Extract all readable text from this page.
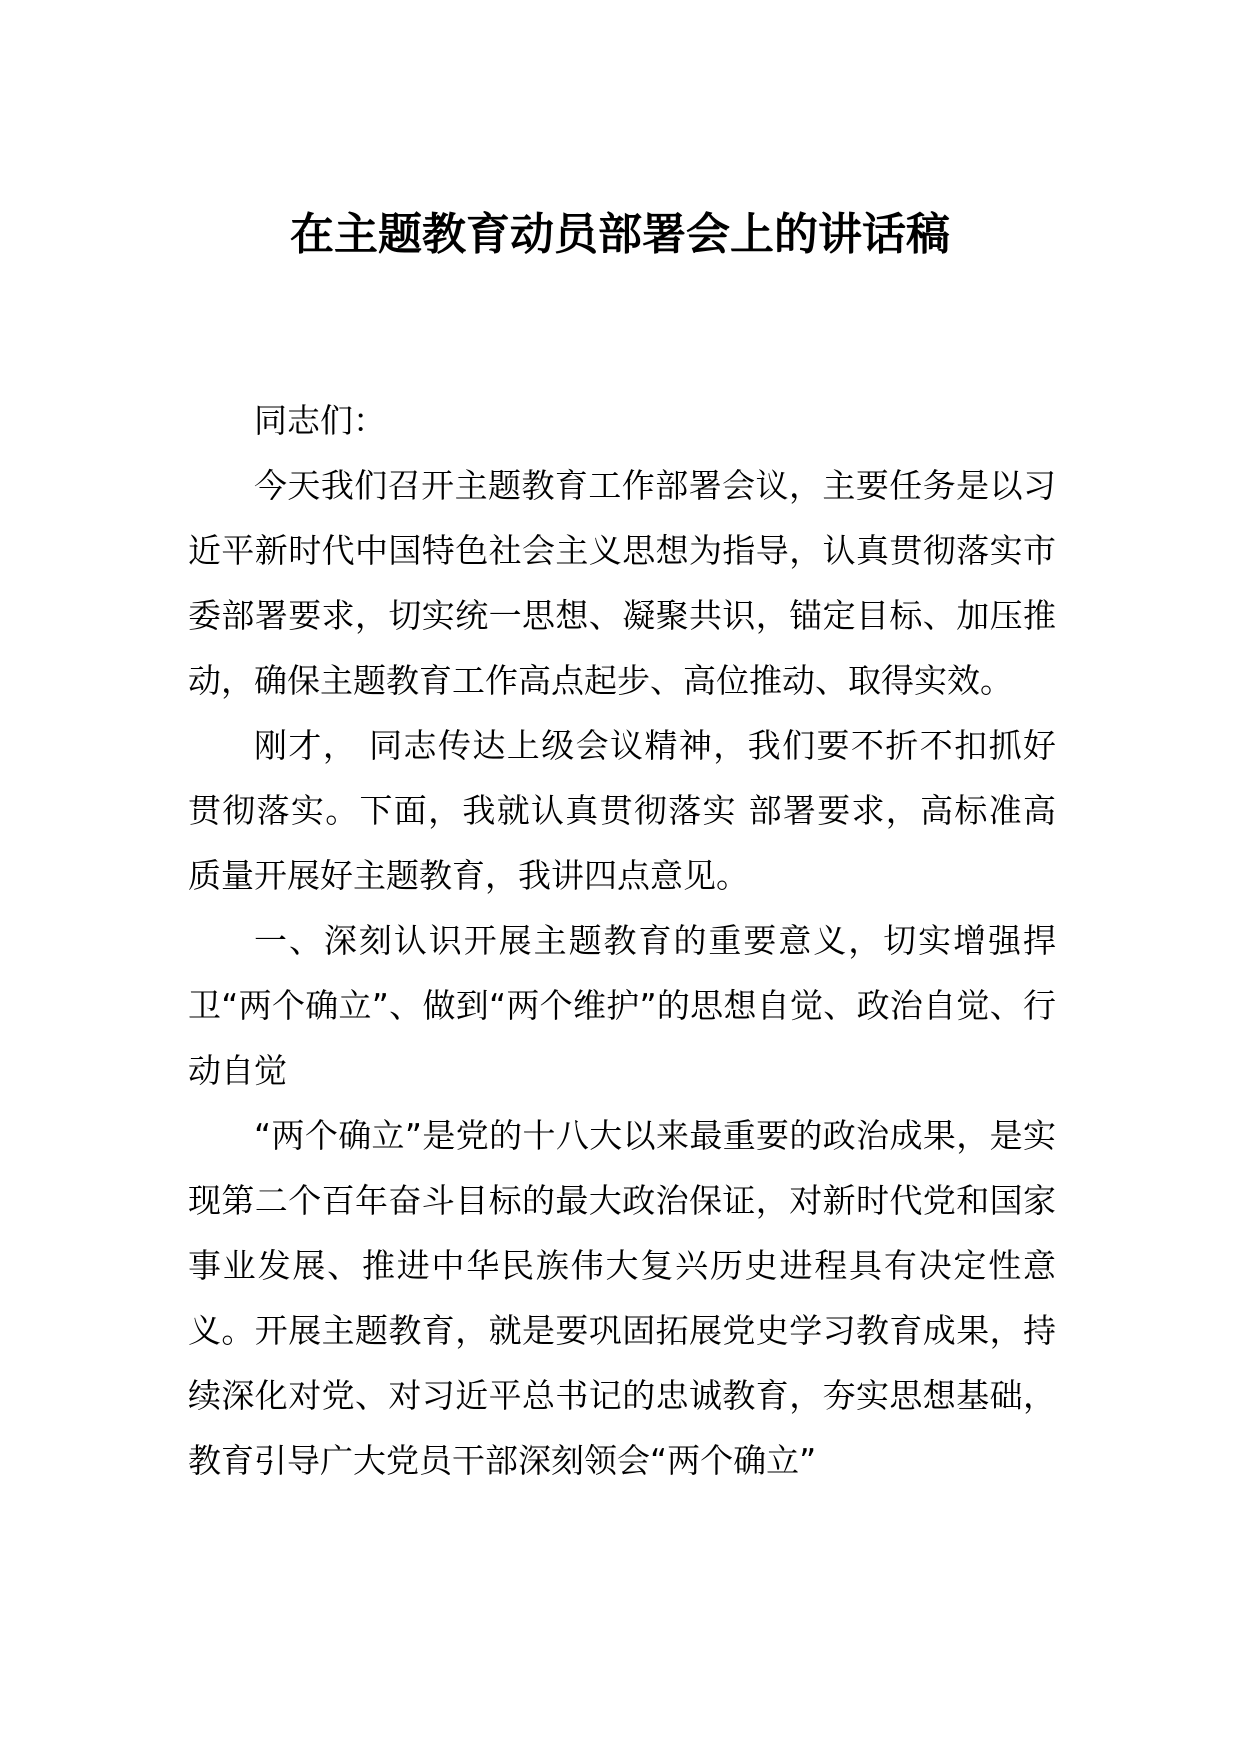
在主题教育动员部署会上的讲话稿

同志们：

今天我们召开主题教育工作部署会议，主要任务是以习近平新时代中国特色社会主义思想为指导，认真贯彻落实市委部署要求，切实统一思想、凝聚共识，锚定目标、加压推动，确保主题教育工作高点起步、高位推动、取得实效。

刚才， 同志传达上级会议精神，我们要不折不扣抓好贯彻落实。下面，我就认真贯彻落实 部署要求，高标准高质量开展好主题教育，我讲四点意见。

一、深刻认识开展主题教育的重要意义，切实增强捍卫“两个确立”、做到“两个维护”的思想自觉、政治自觉、行动自觉

“两个确立”是党的十八大以来最重要的政治成果，是实现第二个百年奋斗目标的最大政治保证，对新时代党和国家事业发展、推进中华民族伟大复兴历史进程具有决定性意义。开展主题教育，就是要巩固拓展党史学习教育成果，持续深化对党、对习近平总书记的忠诚教育，夯实思想基础，教育引导广大党员干部深刻领会“两个确立”
